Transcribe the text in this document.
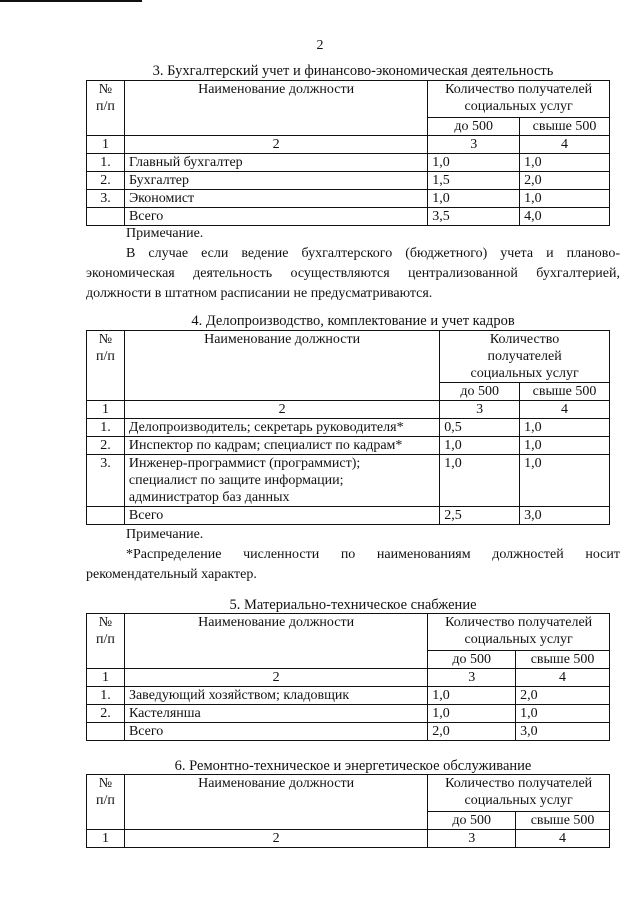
2
3. Бухгалтерский учет и финансово-экономическая деятельность
№
п/п	Наименование должности	Количество получателей социальных услуг	
		до 500	свыше 500
1	2	3	4
1.	Главный бухгалтер	1,0	1,0
2.	Бухгалтер	1,5	2,0
3.	Экономист	1,0	1,0
	Всего	3,5	4,0
Примечание.
В случае если ведение бухгалтерского (бюджетного) учета и планово-экономическая деятельность осуществляются централизованной бухгалтерией, должности в штатном расписании не предусматриваются.
4. Делопроизводство, комплектование и учет кадров
№
п/п	Наименование должности	Количество получателей социальных услуг	
		до 500	свыше 500
1	2	3	4
1.	Делопроизводитель; секретарь руководителя*	0,5	1,0
2.	Инспектор по кадрам; специалист по кадрам*	1,0	1,0
3.	Инженер-программист (программист); специалист по защите информации; администратор баз данных	1,0	1,0
	Всего	2,5	3,0
Примечание.
*Распределение численности по наименованиям должностей носит рекомендательный характер.
5. Материально-техническое снабжение
№
п/п	Наименование должности	Количество получателей социальных услуг	
		до 500	свыше 500
1	2	3	4
1.	Заведующий хозяйством; кладовщик	1,0	2,0
2.	Кастелянша	1,0	1,0
	Всего	2,0	3,0
6. Ремонтно-техническое и энергетическое обслуживание
№
п/п	Наименование должности	Количество получателей социальных услуг	
		до 500	свыше 500
1	2	3	4
